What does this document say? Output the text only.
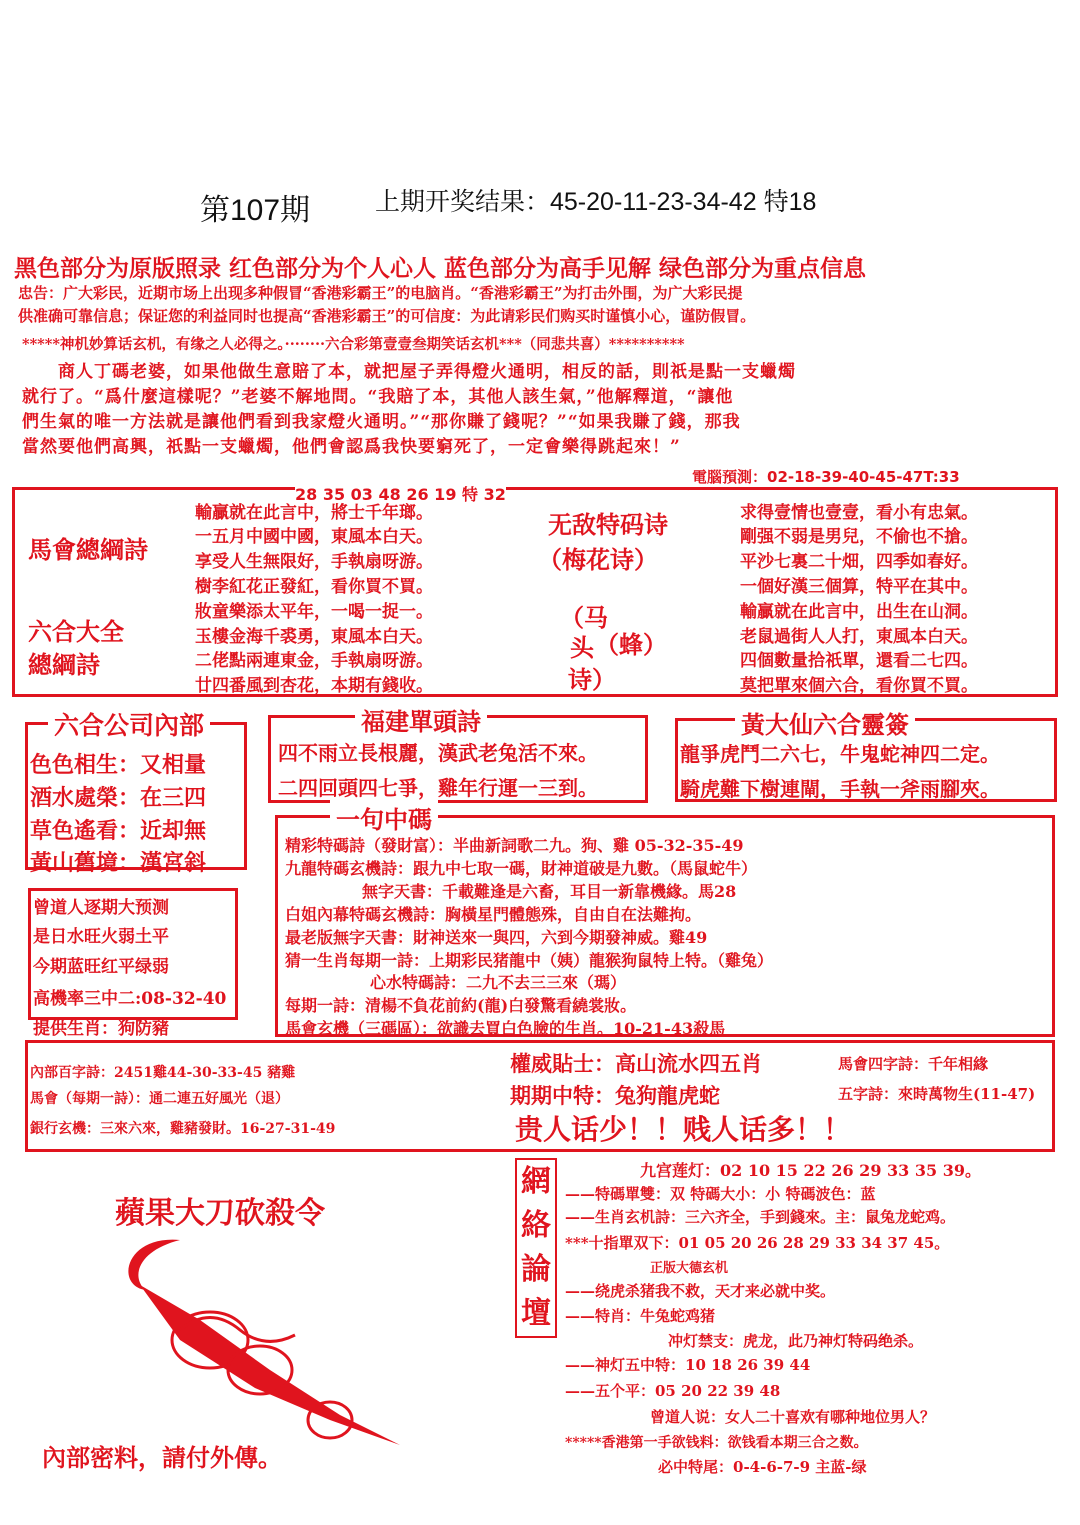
第107期	上期开奖结果：45-20-11-23-34-42 特18
黑色部分为原版照录 红色部分为个人心人 蓝色部分为高手见解 绿色部分为重点信息
忠告：广大彩民，近期市场上出现多种假冒“香港彩霸王”的电脑肖。“香港彩霸王”为打击外围，为广大彩民提
供准确可靠信息；保证您的利益同时也提高“香港彩霸王”的可信度：为此请彩民们购买时谨慎小心，谨防假冒。
*****神机妙算话玄机，有缘之人必得之。········六合彩第壹壹叁期笑话玄机***（同悲共喜）**********
商人丁碼老婆，如果他做生意賠了本，就把屋子弄得燈火通明，相反的話，則祇是點一支蠟燭
就行了。“爲什麼這樣呢？”老婆不解地問。“我賠了本，其他人該生氣，”他解釋道，“讓他
們生氣的唯一方法就是讓他們看到我家燈火通明。”“那你賺了錢呢？”“如果我賺了錢，那我
當然要他們高興，祇點一支蠟燭，他們會認爲我快要窮死了，一定會樂得跳起來！”
電腦預測：02-18-39-40-45-47T:33
28 35 03 48 26 19 特 32
馬會總綱詩
六合大全
總綱詩
輸贏就在此言中，將士千年瑯。
一五月中國中國，東風本白天。
享受人生無限好，手執扇呀游。
樹李紅花正發紅，看你買不買。
妝童樂添太平年，一喝一捉一。
玉樓金海千裘勇，東風本白天。
二佬點兩連東金，手執扇呀游。
廿四番風到杏花，本期有錢收。
无敌特码诗
（梅花诗）
（马
头 （蜂）
诗）
求得壹情也壹壹，看小有忠氣。
剛强不弱是男兒，不偷也不搶。
平沙七裏二十畑，四季如春好。
一個好漢三個算，特平在其中。
輸贏就在此言中，出生在山洞。
老鼠過街人人打，東風本白天。
四個數量拾祇單，還看二七四。
莫把單來個六合，看你買不買。
六合公司內部
色色相生：又相量
酒水處榮：在三四
草色遙看：近却無
黃山舊境：漢宮斜
福建單頭詩
四不雨立長根麗，漢武老兔活不來。
二四回頭四七爭，雞年行運一三到。
黃大仙六合靈簽
龍爭虎鬥二六七，牛鬼蛇神四二定。
騎虎難下樹連閘，手執一斧雨腳夾。
曾道人逐期大预测
是日水旺火弱土平
今期蓝旺红平绿弱
高機率三中二:08-32-40
提供生肖：狗防豬
一句中碼
精彩特碼詩（發財富）：半曲新詞歌二九。狗、雞 05-32-35-49
九龍特碼玄機詩：跟九中七取一碼，財神道破是九數。（馬鼠蛇牛）
無字天書：千載難逢是六畜，耳目一新靠機緣。馬28
白姐內幕特碼玄機詩：胸橫星門體態殊，自由自在法難拘。
最老版無字天書：財神送來一與四，六到今期發神威。雞49
猜一生肖每期一詩：上期彩民猪龍中（姨）龍猴狗鼠特上特。（雞兔）
心水特碼詩：二九不去三三來（瑪）
每期一詩：清楊不負花前約(龍)白發驚看繞裳妝。
馬會玄機（三碼區）：欲識去買白色臉的生肖。10-21-43殺馬
內部百字詩：2451雞44-30-33-45 豬雞
馬會（每期一詩）：通二連五好風光（退）
銀行玄機：三來六來，雞豬發財。16-27-31-49
權威貼士：高山流水四五肖
期期中特：兔狗龍虎蛇
馬會四字詩：千年相緣
五字詩：來時萬物生(11-47)
贵人话少！！贱人话多！！
網絡論壇
九宫莲灯：02 10 15 22 26 29 33 35 39。
——特碼單雙：双 特碼大小：小 特碼波色：蓝
——生肖玄机詩：三六齐全，手到錢來。主：鼠兔龙蛇鸡。
***十指單双下：01 05 20 26 28 29 33 34 37 45。
正版大德玄机
——绕虎杀猪我不救，天才来必就中奖。
——特肖：牛兔蛇鸡猪
冲灯禁支：虎龙，此乃神灯特码绝杀。
——神灯五中特：10 18 26 39 44
——五个平：05 20 22 39 48
曾道人说：女人二十喜欢有哪种地位男人？
*****香港第一手欲钱料：欲钱看本期三合之数。
必中特尾：0-4-6-7-9 主蓝-绿
蘋果大刀砍殺令
內部密料，請付外傳。
